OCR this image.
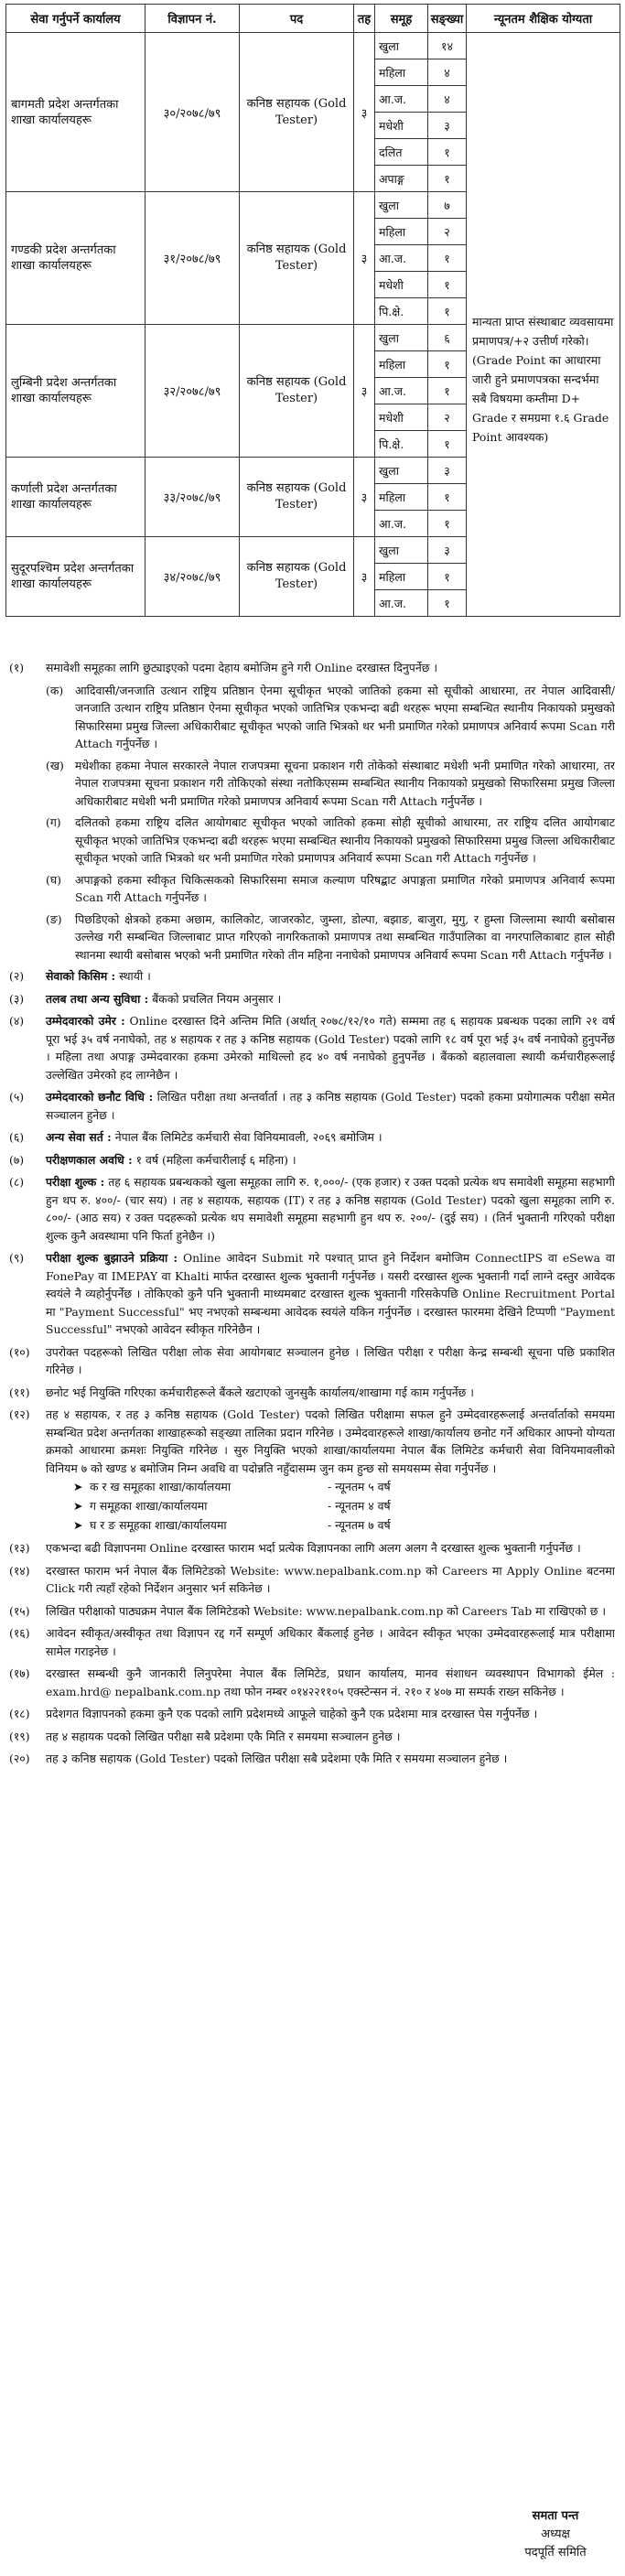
सेवा गर्नुपर्ने कार्यालय	विज्ञापन नं.	पद	तह	समूह	सङ्ख्या	न्यूनतम शैक्षिक योग्यता
बागमती प्रदेश अन्तर्गतका शाखा कार्यालयहरू	३०/२०७८/७९	कनिष्ठ सहायक (Gold Tester)	३	खुला	१४	मान्यता प्राप्त संस्थाबाट व्यवसायमा प्रमाणपत्र/+२ उत्तीर्ण गरेको। (Grade Point का आधारमा जारी हुने प्रमाणपत्रका सन्दर्भमा सबै विषयमा कम्तीमा D+ Grade र समग्रमा १.६ Grade Point आवश्यक)

				महिला	४	
				आ.ज.	४	
				मधेशी	३	
				दलित	१	
				अपाङ्ग	१	
गण्डकी प्रदेश अन्तर्गतका शाखा कार्यालयहरू	३१/२०७८/७९	कनिष्ठ सहायक (Gold Tester)	३	खुला	७	
				महिला	२	
				आ.ज.	१	
				मधेशी	१	
				पि.क्षे.	१	
लुम्बिनी प्रदेश अन्तर्गतका शाखा कार्यालयहरू	३२/२०७८/७९	कनिष्ठ सहायक (Gold Tester)	३	खुला	६	
				महिला	१	
				आ.ज.	१	
				मधेशी	२	
				पि.क्षे.	१	
कर्णाली प्रदेश अन्तर्गतका शाखा कार्यालयहरू	३३/२०७८/७९	कनिष्ठ सहायक (Gold Tester)	३	खुला	३	
				महिला	१	
				आ.ज.	१	
सुदूरपश्चिम प्रदेश अन्तर्गतका शाखा कार्यालयहरू	३४/२०७८/७९	कनिष्ठ सहायक (Gold Tester)	३	खुला	३	
				महिला	१	
				आ.ज.	१	
(१)	समावेशी समूहका लागि छुट्याइएको पदमा देहाय बमोजिम हुने गरी Online दरखास्त दिनुपर्नेछ ।
(क)	आदिवासी/जनजाति उत्थान राष्ट्रिय प्रतिष्ठान ऐनमा सूचीकृत भएको जातिको हकमा सो सूचीको आधारमा, तर नेपाल आदिवासी/जनजाति उत्थान राष्ट्रिय प्रतिष्ठान ऐनमा सूचीकृत भएको जातिभित्र एकभन्दा बढी थरहरू भएमा सम्बन्धित स्थानीय निकायको प्रमुखको सिफारिसमा प्रमुख जिल्ला अधिकारीबाट सूचीकृत भएको जाति भित्रको थर भनी प्रमाणित गरेको प्रमाणपत्र अनिवार्य रूपमा Scan गरी Attach गर्नुपर्नेछ ।
(ख) मधेशीका हकमा नेपाल सरकारले नेपाल राजपत्रमा सूचना प्रकाशन गरी तोकेको संस्थाबाट मधेशी भनी प्रमाणित गरेको आधारमा, तर नेपाल राजपत्रमा सूचना प्रकाशन गरी तोकिएको संस्था नतोकिएसम्म सम्बन्धित स्थानीय निकायको प्रमुखको सिफारिसमा प्रमुख जिल्ला अधिकारीबाट मधेशी भनी प्रमाणित गरेको प्रमाणपत्र अनिवार्य रूपमा Scan गरी Attach गर्नुपर्नेछ ।
(ग)	दलितको हकमा राष्ट्रिय दलित आयोगबाट सूचीकृत भएको जातिको हकमा सोही सूचीको आधारमा, तर राष्ट्रिय दलित आयोगबाट सूचीकृत भएको जातिभित्र एकभन्दा बढी थरहरू भएमा सम्बन्धित स्थानीय निकायको प्रमुखको सिफारिसमा प्रमुख जिल्ला अधिकारीबाट सूचीकृत भएको जाति भित्रको थर भनी प्रमाणित गरेको प्रमाणपत्र अनिवार्य रूपमा Scan गरी Attach गर्नुपर्नेछ ।
(घ)	अपाङ्गको हकमा स्वीकृत चिकित्सकको सिफारिसमा समाज कल्याण परिषद्बाट अपाङ्गता प्रमाणित गरेको प्रमाणपत्र अनिवार्य रूपमा Scan गरी Attach गर्नुपर्नेछ ।
(ङ)	पिछडिएको क्षेत्रको हकमा अछाम, कालिकोट, जाजरकोट, जुम्ला, डोल्पा, बझाङ, बाजुरा, मुगु, र हुम्ला जिल्लामा स्थायी बसोबास उल्लेख गरी सम्बन्धित जिल्लाबाट प्राप्त गरिएको नागरिकताको प्रमाणपत्र तथा सम्बन्धित गाउँपालिका वा नगरपालिकाबाट हाल सोही स्थानमा स्थायी बसोबास भएको भनी प्रमाणित गरेको तीन महिना ननाघेको प्रमाणपत्र अनिवार्य रूपमा Scan गरी Attach गर्नुपर्नेछ ।
(२)	सेवाको किसिम : स्थायी ।
(३)	तलब तथा अन्य सुविधा : बैंकको प्रचलित नियम अनुसार ।
(४)	उम्मेदवारको उमेर : Online दरखास्त दिने अन्तिम मिति (अर्थात् २०७८/१२/१० गते) सम्ममा तह ६ सहायक प्रबन्धक पदका लागि २१ वर्ष पूरा भई ३५ वर्ष ननाघेको, तह ४ सहायक र तह ३ कनिष्ठ सहायक (Gold Tester) पदको लागि १८ वर्ष पूरा भई ३५ वर्ष ननाघेको हुनुपर्नेछ । महिला तथा अपाङ्ग उम्मेदवारका हकमा उमेरको माथिल्लो हद ४० वर्ष ननाघेको हुनुपर्नेछ । बैंकको बहालवाला स्थायी कर्मचारीहरूलाई उल्लेखित उमेरको हद लाग्नेछैन ।
(५)	उम्मेदवारको छनौट विधि : लिखित परीक्षा तथा अन्तर्वार्ता । तह ३ कनिष्ठ सहायक (Gold Tester) पदको हकमा प्रयोगात्मक परीक्षा समेत सञ्चालन हुनेछ ।
(६)	अन्य सेवा सर्त : नेपाल बैंक लिमिटेड कर्मचारी सेवा विनियमावली, २०६९ बमोजिम ।
(७)	परीक्षणकाल अवधि : १ वर्ष (महिला कर्मचारीलाई ६ महिना) ।
(८)	परीक्षा शुल्क : तह ६ सहायक प्रबन्धकको खुला समूहका लागि रु. १,०००/- (एक हजार) र उक्त पदको प्रत्येक थप समावेशी समूहमा सहभागी हुन थप रु. ४००/- (चार सय) । तह ४ सहायक, सहायक (IT) र तह ३ कनिष्ठ सहायक (Gold Tester) पदको खुला समूहका लागि रु. ८००/- (आठ सय) र उक्त पदहरूको प्रत्येक थप समावेशी समूहमा सहभागी हुन थप रु. २००/- (दुई सय) । (तिर्न भुक्तानी गरिएको परीक्षा शुल्क कुनै अवस्थामा पनि फिर्ता हुनेछैन ।)
(९)	परीक्षा शुल्क बुझाउने प्रक्रिया : Online आवेदन Submit गरे पश्चात् प्राप्त हुने निर्देशन बमोजिम ConnectIPS वा eSewa वा FonePay वा IMEPAY वा Khalti मार्फत दरखास्त शुल्क भुक्तानी गर्नुपर्नेछ । यसरी दरखास्त शुल्क भुक्तानी गर्दा लाग्ने दस्तुर आवेदक स्वयंले नै व्यहोर्नुपर्नेछ । तोकिएको कुनै पनि भुक्तानी माध्यमबाट दरखास्त शुल्क भुक्तानी गरिसकेपछि Online Recruitment Portal मा "Payment Successful" भए नभएको सम्बन्धमा आवेदक स्वयंले यकिन गर्नुपर्नेछ । दरखास्त फारममा देखिने टिप्पणी "Payment Successful" नभएको आवेदन स्वीकृत गरिनेछैन ।
(१०)	उपरोक्त पदहरूको लिखित परीक्षा लोक सेवा आयोगबाट सञ्चालन हुनेछ । लिखित परीक्षा र परीक्षा केन्द्र सम्बन्धी सूचना पछि प्रकाशित गरिनेछ ।
(११)	छनोट भई नियुक्ति गरिएका कर्मचारीहरूले बैंकले खटाएको जुनसुकै कार्यालय/शाखामा गई काम गर्नुपर्नेछ ।
(१२)	तह ४ सहायक, र तह ३ कनिष्ठ सहायक (Gold Tester) पदको लिखित परीक्षामा सफल हुने उम्मेदवारहरूलाई अन्तर्वार्ताको समयमा सम्बन्धित प्रदेश अन्तर्गतका शाखाहरूको सङ्ख्या तालिका प्रदान गरिनेछ । उम्मेदवारहरूले शाखा/कार्यालय छनोट गर्ने अधिकार आफ्नो योग्यता क्रमको आधारमा क्रमशः नियुक्ति गरिनेछ । सुरु नियुक्ति भएको शाखा/कार्यालयमा नेपाल बैंक लिमिटेड कर्मचारी सेवा विनियमावलीको विनियम ७ को खण्ड ४ बमोजिम निम्न अवधि वा पदोन्नति नहुँदासम्म जुन कम हुन्छ सो समयसम्म सेवा गर्नुपर्नेछ ।
➤ क र ख समूहका शाखा/कार्यालयमा	- न्यूनतम ५ वर्ष
➤ ग समूहका शाखा/कार्यालयमा	- न्यूनतम ४ वर्ष
➤ घ र ङ समूहका शाखा/कार्यालयमा	- न्यूनतम ७ वर्ष
(१३)	एकभन्दा बढी विज्ञापनमा Online दरखास्त फाराम भर्दा प्रत्येक विज्ञापनका लागि अलग अलग नै दरखास्त शुल्क भुक्तानी गर्नुपर्नेछ ।
(१४)	दरखास्त फाराम भर्न नेपाल बैंक लिमिटेडको Website: www.nepalbank.com.np को Careers मा Apply Online बटनमा Click गरी त्यहाँ रहेको निर्देशन अनुसार भर्न सकिनेछ ।
(१५)	लिखित परीक्षाको पाठ्यक्रम नेपाल बैंक लिमिटेडको Website: www.nepalbank.com.np को Careers Tab मा राखिएको छ ।
(१६)	आवेदन स्वीकृत/अस्वीकृत तथा विज्ञापन रद्द गर्ने सम्पूर्ण अधिकार बैंकलाई हुनेछ । आवेदन स्वीकृत भएका उम्मेदवारहरूलाई मात्र परीक्षामा सामेल गराइनेछ ।
(१७)	दरखास्त सम्बन्धी कुनै जानकारी लिनुपरेमा नेपाल बैंक लिमिटेड, प्रधान कार्यालय, मानव संशाधन व्यवस्थापन विभागको ईमेल : exam.hrd@ nepalbank.com.np तथा फोन नम्बर ०१४२२११०५ एक्स्टेन्सन नं. २१० र ४०७ मा सम्पर्क राख्न सकिनेछ ।
(१८)	प्रदेशगत विज्ञापनको हकमा कुनै एक पदको लागि प्रदेशमध्ये आफूले चाहेको कुनै एक प्रदेशमा मात्र दरखास्त पेस गर्नुपर्नेछ ।
(१९)	तह ४ सहायक पदको लिखित परीक्षा सबै प्रदेशमा एकै मिति र समयमा सञ्चालन हुनेछ ।
(२०)	तह ३ कनिष्ठ सहायक (Gold Tester) पदको लिखित परीक्षा सबै प्रदेशमा एकै मिति र समयमा सञ्चालन हुनेछ ।
समता पन्त
अध्यक्ष
पदपूर्ति समिति
